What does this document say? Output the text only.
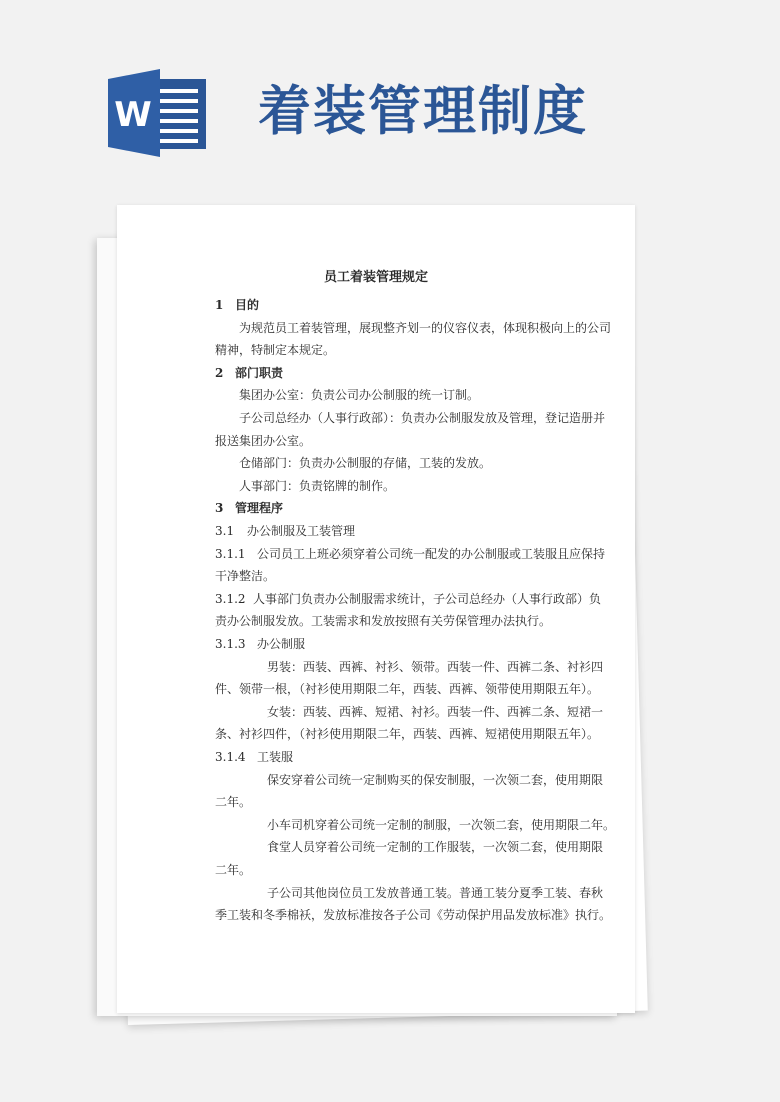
W 着装管理制度
员工着装管理规定
1 目的
为规范员工着装管理，展现整齐划一的仪容仪表，体现积极向上的公司
精神，特制定本规定。
2 部门职责
集团办公室：负责公司办公制服的统一订制。
子公司总经办（人事行政部）：负责办公制服发放及管理，登记造册并
报送集团办公室。
仓储部门：负责办公制服的存储，工装的发放。
人事部门：负责铭牌的制作。
3 管理程序
3.1 办公制服及工装管理
3.1.1 公司员工上班必须穿着公司统一配发的办公制服或工装服且应保持
干净整洁。
3.1.2 人事部门负责办公制服需求统计，子公司总经办（人事行政部）负
责办公制服发放。工装需求和发放按照有关劳保管理办法执行。
3.1.3 办公制服
男装：西装、西裤、衬衫、领带。西装一件、西裤二条、衬衫四
件、领带一根，（衬衫使用期限二年，西装、西裤、领带使用期限五年）。
女装：西装、西裤、短裙、衬衫。西装一件、西裤二条、短裙一
条、衬衫四件，（衬衫使用期限二年，西装、西裤、短裙使用期限五年）。
3.1.4 工装服
保安穿着公司统一定制购买的保安制服，一次领二套，使用期限
二年。
小车司机穿着公司统一定制的制服，一次领二套，使用期限二年。
食堂人员穿着公司统一定制的工作服装，一次领二套，使用期限
二年。
子公司其他岗位员工发放普通工装。普通工装分夏季工装、春秋
季工装和冬季棉袄，发放标准按各子公司《劳动保护用品发放标准》执行。
